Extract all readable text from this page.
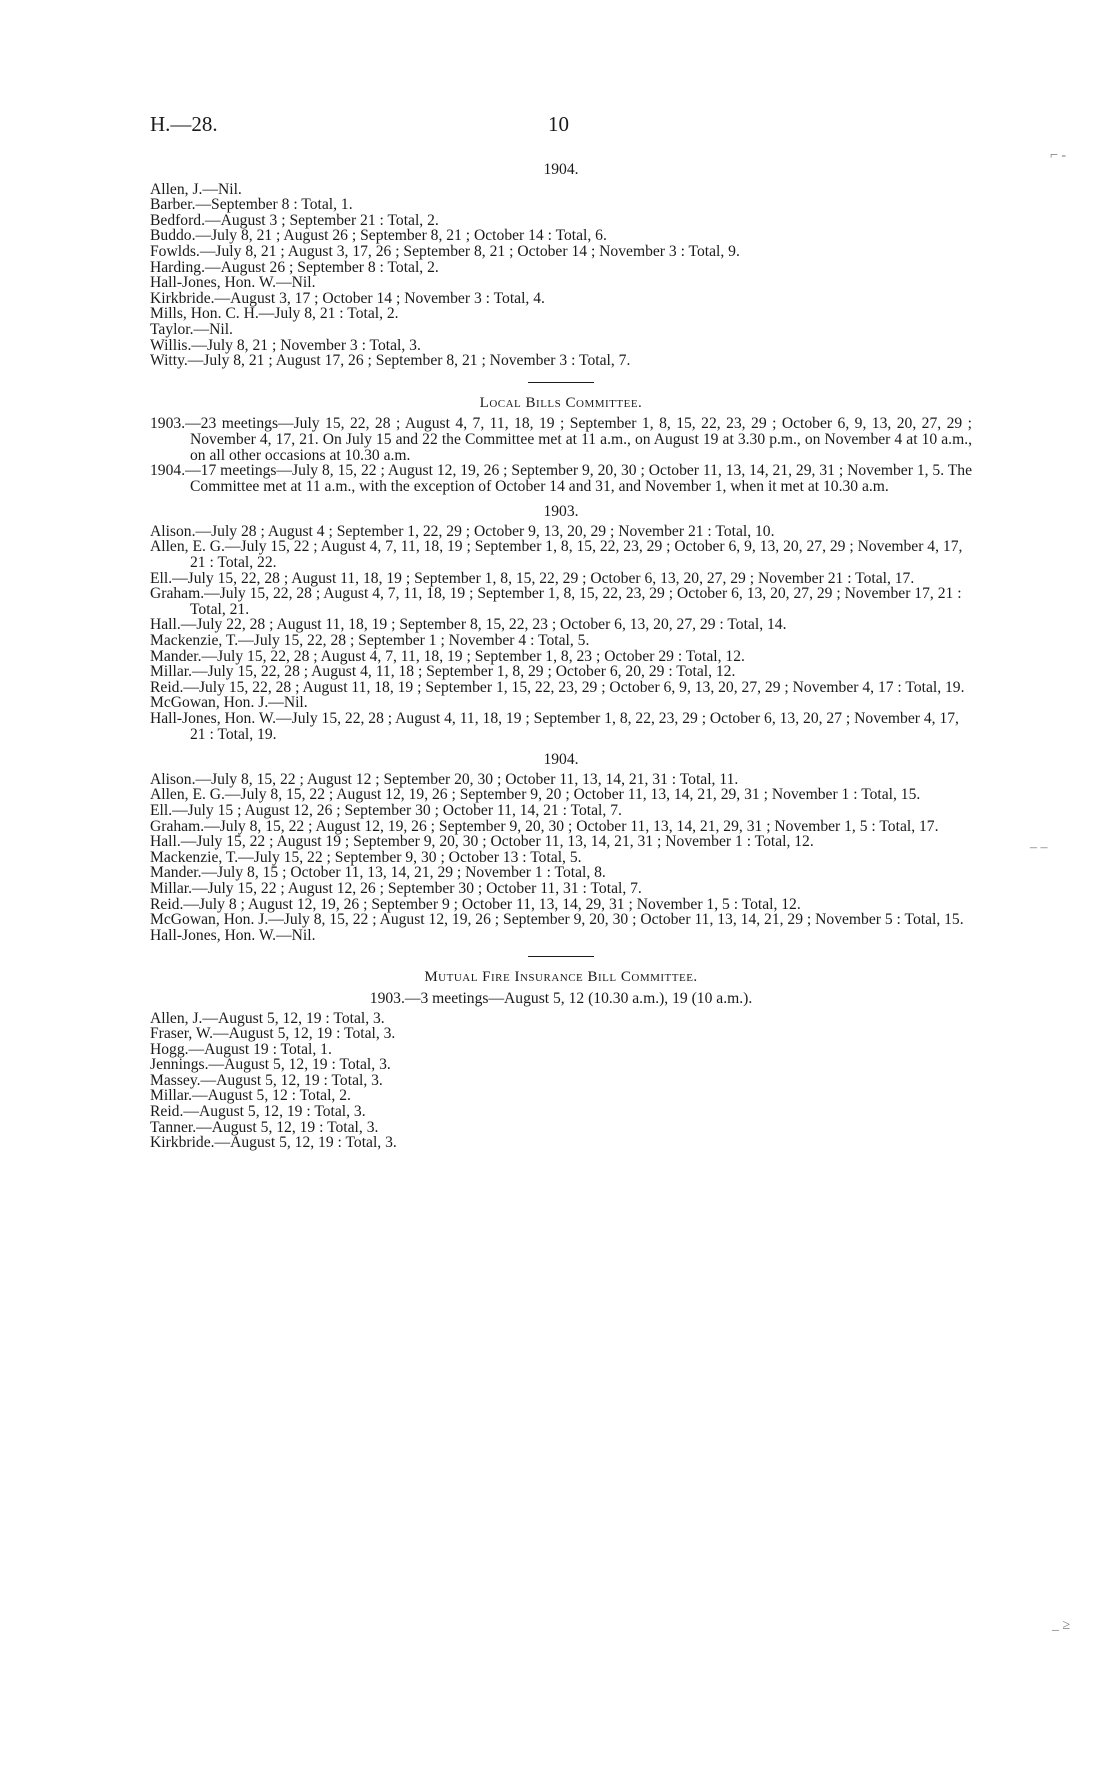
H.—28.	10
1904.

Allen, J.—Nil.

Barber.—September 8 : Total, 1.

Bedford.—August 3 ; September 21 : Total, 2.

Buddo.—July 8, 21 ; August 26 ; September 8, 21 ; October 14 : Total, 6.

Fowlds.—July 8, 21 ; August 3, 17, 26 ; September 8, 21 ; October 14 ; November 3 : Total, 9.

Harding.—August 26 ; September 8 : Total, 2.

Hall-Jones, Hon. W.—Nil.

Kirkbride.—August 3, 17 ; October 14 ; November 3 : Total, 4.

Mills, Hon. C. H.—July 8, 21 : Total, 2.

Taylor.—Nil.

Willis.—July 8, 21 ; November 3 : Total, 3.

Witty.—July 8, 21 ; August 17, 26 ; September 8, 21 ; November 3 : Total, 7.

Local Bills Committee.

1903.—23 meetings—July 15, 22, 28 ; August 4, 7, 11, 18, 19 ; September 1, 8, 15, 22, 23, 29 ; October 6, 9, 13, 20, 27, 29 ; November 4, 17, 21. On July 15 and 22 the Committee met at 11 a.m., on August 19 at 3.30 p.m., on November 4 at 10 a.m., on all other occasions at 10.30 a.m.

1904.—17 meetings—July 8, 15, 22 ; August 12, 19, 26 ; September 9, 20, 30 ; October 11, 13, 14, 21, 29, 31 ; November 1, 5. The Committee met at 11 a.m., with the exception of October 14 and 31, and November 1, when it met at 10.30 a.m.

1903.

Alison.—July 28 ; August 4 ; September 1, 22, 29 ; October 9, 13, 20, 29 ; November 21 : Total, 10.

Allen, E. G.—July 15, 22 ; August 4, 7, 11, 18, 19 ; September 1, 8, 15, 22, 23, 29 ; October 6, 9, 13, 20, 27, 29 ; November 4, 17, 21 : Total, 22.

Ell.—July 15, 22, 28 ; August 11, 18, 19 ; September 1, 8, 15, 22, 29 ; October 6, 13, 20, 27, 29 ; November 21 : Total, 17.

Graham.—July 15, 22, 28 ; August 4, 7, 11, 18, 19 ; September 1, 8, 15, 22, 23, 29 ; October 6, 13, 20, 27, 29 ; November 17, 21 : Total, 21.

Hall.—July 22, 28 ; August 11, 18, 19 ; September 8, 15, 22, 23 ; October 6, 13, 20, 27, 29 : Total, 14.

Mackenzie, T.—July 15, 22, 28 ; September 1 ; November 4 : Total, 5.

Mander.—July 15, 22, 28 ; August 4, 7, 11, 18, 19 ; September 1, 8, 23 ; October 29 : Total, 12.

Millar.—July 15, 22, 28 ; August 4, 11, 18 ; September 1, 8, 29 ; October 6, 20, 29 : Total, 12.

Reid.—July 15, 22, 28 ; August 11, 18, 19 ; September 1, 15, 22, 23, 29 ; October 6, 9, 13, 20, 27, 29 ; November 4, 17 : Total, 19.

McGowan, Hon. J.—Nil.

Hall-Jones, Hon. W.—July 15, 22, 28 ; August 4, 11, 18, 19 ; September 1, 8, 22, 23, 29 ; October 6, 13, 20, 27 ; November 4, 17, 21 : Total, 19.

1904.

Alison.—July 8, 15, 22 ; August 12 ; September 20, 30 ; October 11, 13, 14, 21, 31 : Total, 11.

Allen, E. G.—July 8, 15, 22 ; August 12, 19, 26 ; September 9, 20 ; October 11, 13, 14, 21, 29, 31 ; November 1 : Total, 15.

Ell.—July 15 ; August 12, 26 ; September 30 ; October 11, 14, 21 : Total, 7.

Graham.—July 8, 15, 22 ; August 12, 19, 26 ; September 9, 20, 30 ; October 11, 13, 14, 21, 29, 31 ; November 1, 5 : Total, 17.

Hall.—July 15, 22 ; August 19 ; September 9, 20, 30 ; October 11, 13, 14, 21, 31 ; November 1 : Total, 12.

Mackenzie, T.—July 15, 22 ; September 9, 30 ; October 13 : Total, 5.

Mander.—July 8, 15 ; October 11, 13, 14, 21, 29 ; November 1 : Total, 8.

Millar.—July 15, 22 ; August 12, 26 ; September 30 ; October 11, 31 : Total, 7.

Reid.—July 8 ; August 12, 19, 26 ; September 9 ; October 11, 13, 14, 29, 31 ; November 1, 5 : Total, 12.

McGowan, Hon. J.—July 8, 15, 22 ; August 12, 19, 26 ; September 9, 20, 30 ; October 11, 13, 14, 21, 29 ; November 5 : Total, 15.

Hall-Jones, Hon. W.—Nil.

Mutual Fire Insurance Bill Committee.
1903.—3 meetings—August 5, 12 (10.30 a.m.), 19 (10 a.m.).

Allen, J.—August 5, 12, 19 : Total, 3.

Fraser, W.—August 5, 12, 19 : Total, 3.

Hogg.—August 19 : Total, 1.

Jennings.—August 5, 12, 19 : Total, 3.

Massey.—August 5, 12, 19 : Total, 3.

Millar.—August 5, 12 : Total, 2.

Reid.—August 5, 12, 19 : Total, 3.

Tanner.—August 5, 12, 19 : Total, 3.

Kirkbride.—August 5, 12, 19 : Total, 3.

⌐ ‐
– ‒
_ ≥
